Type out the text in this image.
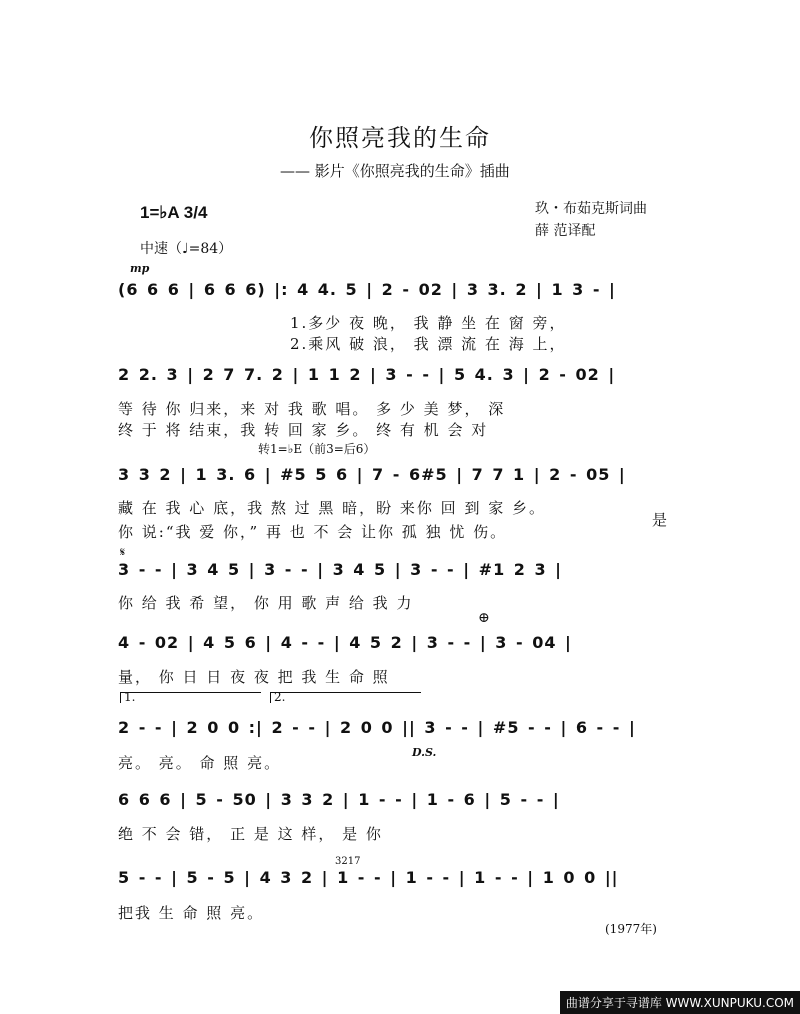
你照亮我的生命
—— 影片《你照亮我的生命》插曲
玖・布茹克斯词曲
薛 范译配
1=♭A 3/4
中速（♩=84）
mp
(6 6 6 | 6 6 6) |: 4 4. 5 | 2 - 02 | 3 3. 2 | 1 3 - |
1.多少 夜 晚， 我 静 坐 在 窗 旁，
2.乘风 破 浪， 我 漂 流 在 海 上，
2 2. 3 | 2 7 7. 2 | 1 1 2 | 3 - - | 5 4. 3 | 2 - 02 |
等 待 你 归来，来 对 我 歌 唱。 多 少 美 梦， 深
终 于 将 结束，我 转 回 家 乡。 终 有 机 会 对
转1=♭E（前3=后6）
3 3 2 | 1 3. 6 | #5 5 6 | 7 - 6#5 | 7 7 1 | 2 - 05 |
藏 在 我 心 底，我 熬 过 黑 暗，盼 来你 回 到 家 乡。
你 说:“我 爱 你，” 再 也 不 会 让你 孤 独 忧 伤。
是
𝄋
3 - - | 3 4 5 | 3 - - | 3 4 5 | 3 - - | #1 2 3 |
你 给 我 希 望， 你 用 歌 声 给 我 力
⊕
4 - 02 | 4 5 6 | 4 - - | 4 5 2 | 3 - - | 3 - 04 |
量， 你 日 日 夜 夜 把 我 生 命 照
1.	2.
2 - - | 2 0 0 :| 2 - - | 2 0 0 || 3 - - | #5 - - | 6 - - |
D.S.
亮。 亮。 命 照 亮。
6 6 6 | 5 - 50 | 3 3 2 | 1 - - | 1 - 6 | 5 - - |
绝 不 会 错， 正 是 这 样， 是 你
3217
5 - - | 5 - 5 | 4 3 2 | 1 - - | 1 - - | 1 - - | 1 0 0 ||
把我 生 命 照 亮。
(1977年)
曲谱分享于寻谱库 WWW.XUNPUKU.COM
